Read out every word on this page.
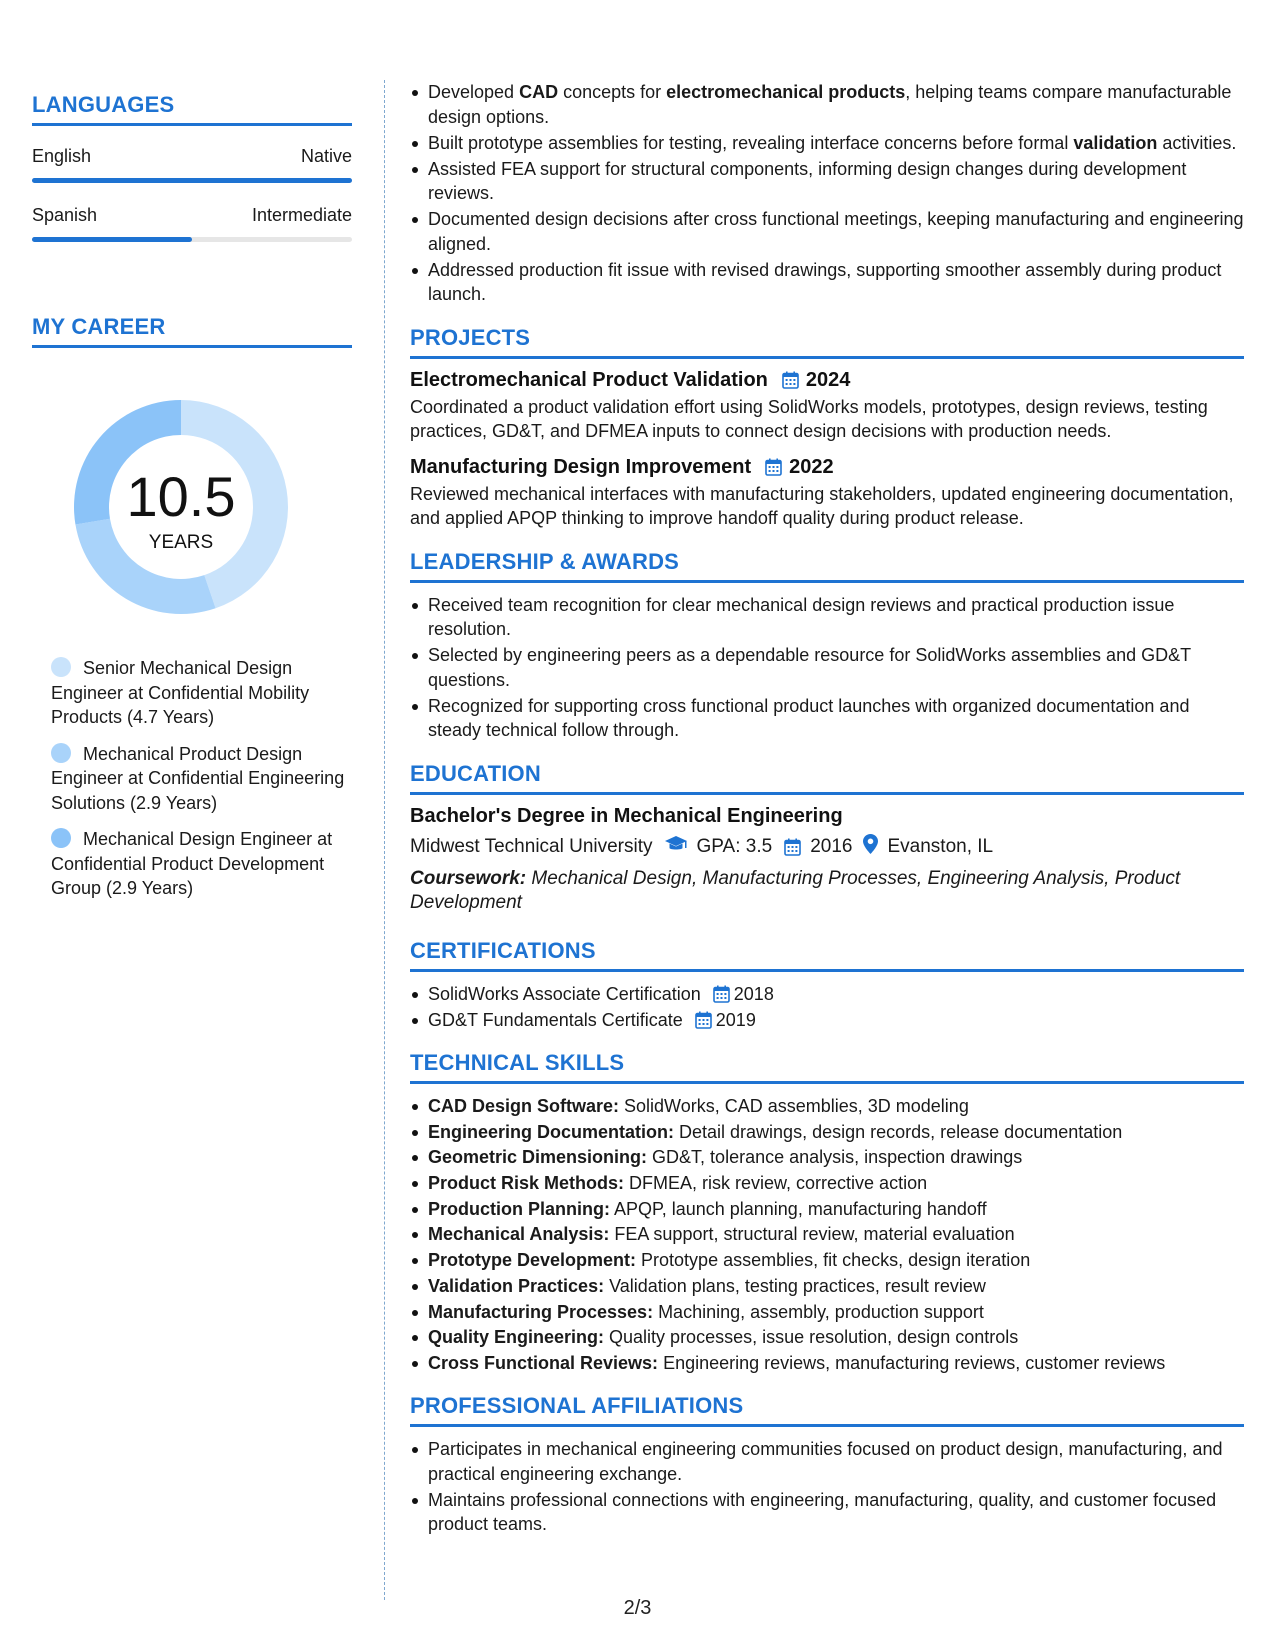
LANGUAGES
English	Native
Spanish	Intermediate
MY CAREER
10.5
YEARS
Senior Mechanical Design Engineer at Confidential Mobility Products (4.7 Years)
Mechanical Product Design Engineer at Confidential Engineering Solutions (2.9 Years)
Mechanical Design Engineer at Confidential Product Development Group (2.9 Years)
Developed CAD concepts for electromechanical products, helping teams compare manufacturable design options.
Built prototype assemblies for testing, revealing interface concerns before formal validation activities.
Assisted FEA support for structural components, informing design changes during development reviews.
Documented design decisions after cross functional meetings, keeping manufacturing and engineering aligned.
Addressed production fit issue with revised drawings, supporting smoother assembly during product launch.
PROJECTS
Electromechanical Product Validation 2024
Coordinated a product validation effort using SolidWorks models, prototypes, design reviews, testing practices, GD&T, and DFMEA inputs to connect design decisions with production needs.
Manufacturing Design Improvement 2022
Reviewed mechanical interfaces with manufacturing stakeholders, updated engineering documentation, and applied APQP thinking to improve handoff quality during product release.
LEADERSHIP & AWARDS
Received team recognition for clear mechanical design reviews and practical production issue resolution.
Selected by engineering peers as a dependable resource for SolidWorks assemblies and GD&T questions.
Recognized for supporting cross functional product launches with organized documentation and steady technical follow through.
EDUCATION
Bachelor's Degree in Mechanical Engineering
Midwest Technical University GPA: 3.5 2016 Evanston, IL
Coursework: Mechanical Design, Manufacturing Processes, Engineering Analysis, Product Development
CERTIFICATIONS
SolidWorks Associate Certification 2018
GD&T Fundamentals Certificate 2019
TECHNICAL SKILLS
CAD Design Software: SolidWorks, CAD assemblies, 3D modeling
Engineering Documentation: Detail drawings, design records, release documentation
Geometric Dimensioning: GD&T, tolerance analysis, inspection drawings
Product Risk Methods: DFMEA, risk review, corrective action
Production Planning: APQP, launch planning, manufacturing handoff
Mechanical Analysis: FEA support, structural review, material evaluation
Prototype Development: Prototype assemblies, fit checks, design iteration
Validation Practices: Validation plans, testing practices, result review
Manufacturing Processes: Machining, assembly, production support
Quality Engineering: Quality processes, issue resolution, design controls
Cross Functional Reviews: Engineering reviews, manufacturing reviews, customer reviews
PROFESSIONAL AFFILIATIONS
Participates in mechanical engineering communities focused on product design, manufacturing, and practical engineering exchange.
Maintains professional connections with engineering, manufacturing, quality, and customer focused product teams.
2/3
